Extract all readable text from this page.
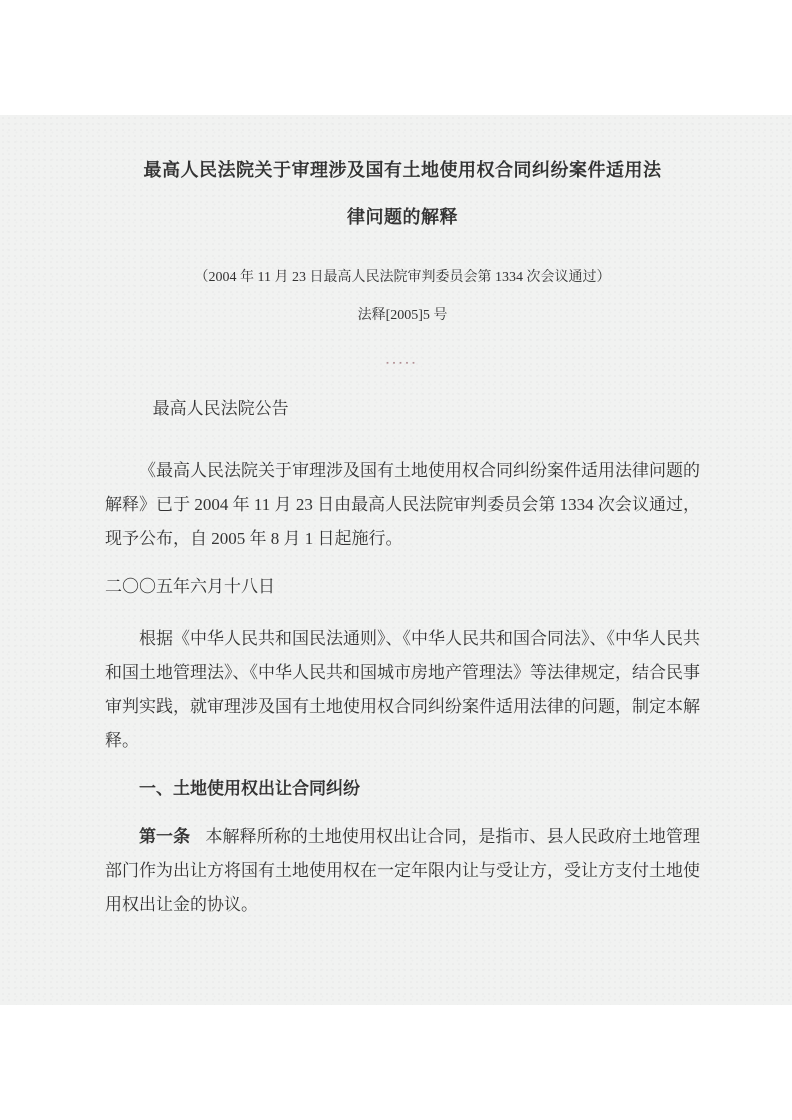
最高人民法院关于审理涉及国有土地使用权合同纠纷案件适用法
律问题的解释

（2004 年 11 月 23 日最高人民法院审判委员会第 1334 次会议通过）

法释[2005]5 号

▪▪▪▪▪

最高人民法院公告

《最高人民法院关于审理涉及国有土地使用权合同纠纷案件适用法律问题的解释》已于 2004 年 11 月 23 日由最高人民法院审判委员会第 1334 次会议通过，现予公布，自 2005 年 8 月 1 日起施行。

二〇〇五年六月十八日

根据《中华人民共和国民法通则》、《中华人民共和国合同法》、《中华人民共和国土地管理法》、《中华人民共和国城市房地产管理法》等法律规定，结合民事审判实践，就审理涉及国有土地使用权合同纠纷案件适用法律的问题，制定本解释。

一、土地使用权出让合同纠纷

第一条 本解释所称的土地使用权出让合同，是指市、县人民政府土地管理部门作为出让方将国有土地使用权在一定年限内让与受让方，受让方支付土地使用权出让金的协议。
